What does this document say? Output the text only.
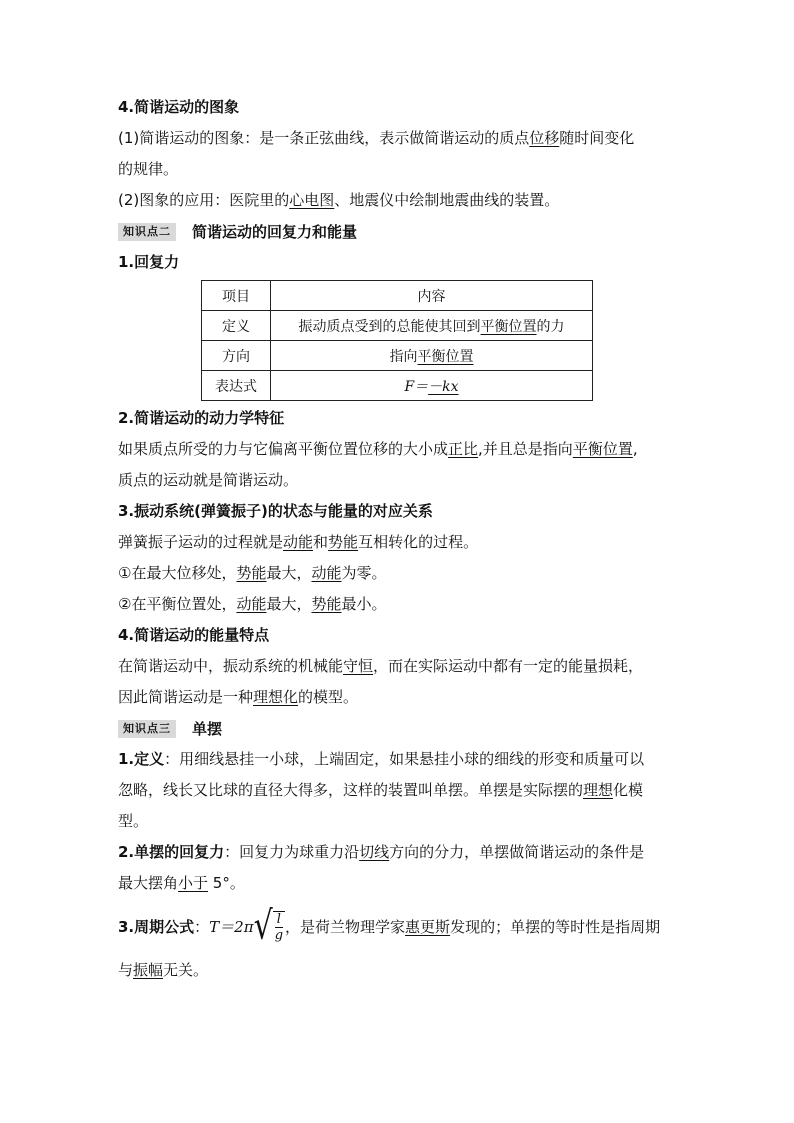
4.简谐运动的图象

(1)简谐运动的图象：是一条正弦曲线，表示做简谐运动的质点位移随时间变化

的规律。

(2)图象的应用：医院里的心电图、地震仪中绘制地震曲线的装置。

知识点二	简谐运动的回复力和能量

1.回复力

项目	内容
定义	振动质点受到的总能使其回到平衡位置的力
方向	指向平衡位置
表达式	F＝－kx

2.简谐运动的动力学特征

如果质点所受的力与它偏离平衡位置位移的大小成正比,并且总是指向平衡位置,

质点的运动就是简谐运动。

3.振动系统(弹簧振子)的状态与能量的对应关系

弹簧振子运动的过程就是动能和势能互相转化的过程。

①在最大位移处，势能最大，动能为零。

②在平衡位置处，动能最大，势能最小。

4.简谐运动的能量特点

在简谐运动中，振动系统的机械能守恒，而在实际运动中都有一定的能量损耗，

因此简谐运动是一种理想化的模型。

知识点三	单摆

1.定义：用细线悬挂一小球，上端固定，如果悬挂小球的细线的形变和质量可以

忽略，线长又比球的直径大得多，这样的装置叫单摆。单摆是实际摆的理想化模

型。

2.单摆的回复力：回复力为球重力沿切线方向的分力，单摆做简谐运动的条件是

最大摆角小于 5°。

3.周期公式 ： T ＝2π √ $\frac{l}{g}$ ，是荷兰物理学家 惠更斯 发现的；单摆的等时性是指周期

与振幅无关。
